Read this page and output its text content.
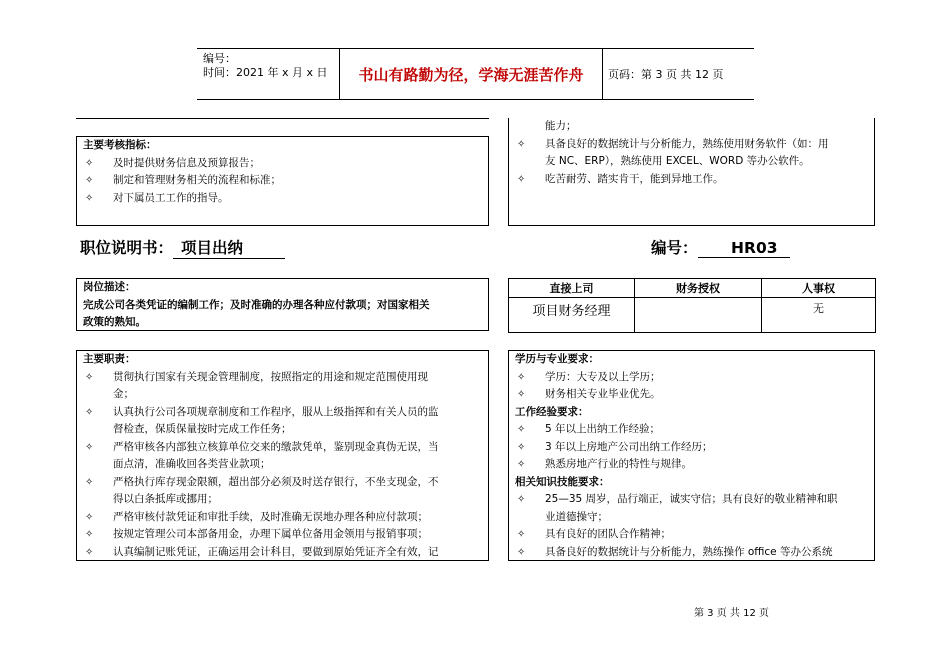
编号：
时间：2021 年 x 月 x 日	书山有路勤为径，学海无涯苦作舟	页码：第 3 页 共 12 页
主要考核指标：
✧ 及时提供财务信息及预算报告；
✧ 制定和管理财务相关的流程和标准；
✧ 对下属员工工作的指导。
能力；
✧ 具备良好的数据统计与分析能力，熟练使用财务软件（如：用
友 NC、ERP），熟练使用 EXCEL、WORD 等办公软件。
✧ 吃苦耐劳、踏实肯干，能到异地工作。
职位说明书： 项目出纳	编号： HR03
岗位描述：
完成公司各类凭证的编制工作；及时准确的办理各种应付款项；对国家相关
政策的熟知。
直接上司	财务授权	人事权
项目财务经理		无
主要职责：
✧ 贯彻执行国家有关现金管理制度，按照指定的用途和规定范围使用现
金；
✧ 认真执行公司各项规章制度和工作程序，服从上级指挥和有关人员的监
督检查，保质保量按时完成工作任务；
✧ 严格审核各内部独立核算单位交来的缴款凭单，鉴别现金真伪无误，当
面点清，准确收回各类营业款项；
✧ 严格执行库存现金限额，超出部分必须及时送存银行，不坐支现金，不
得以白条抵库或挪用；
✧ 严格审核付款凭证和审批手续，及时准确无误地办理各种应付款项；
✧ 按规定管理公司本部备用金，办理下属单位备用金领用与报销事项；
✧ 认真编制记账凭证，正确运用会计科目，要做到原始凭证齐全有效，记
学历与专业要求：
✧ 学历：大专及以上学历；
✧ 财务相关专业毕业优先。
工作经验要求：
✧ 5 年以上出纳工作经验；
✧ 3 年以上房地产公司出纳工作经历；
✧ 熟悉房地产行业的特性与规律。
相关知识技能要求：
✧ 25—35 周岁，品行端正，诚实守信；具有良好的敬业精神和职
业道德操守；
✧ 具有良好的团队合作精神；
✧ 具备良好的数据统计与分析能力，熟练操作 office 等办公系统
第 3 页 共 12 页
